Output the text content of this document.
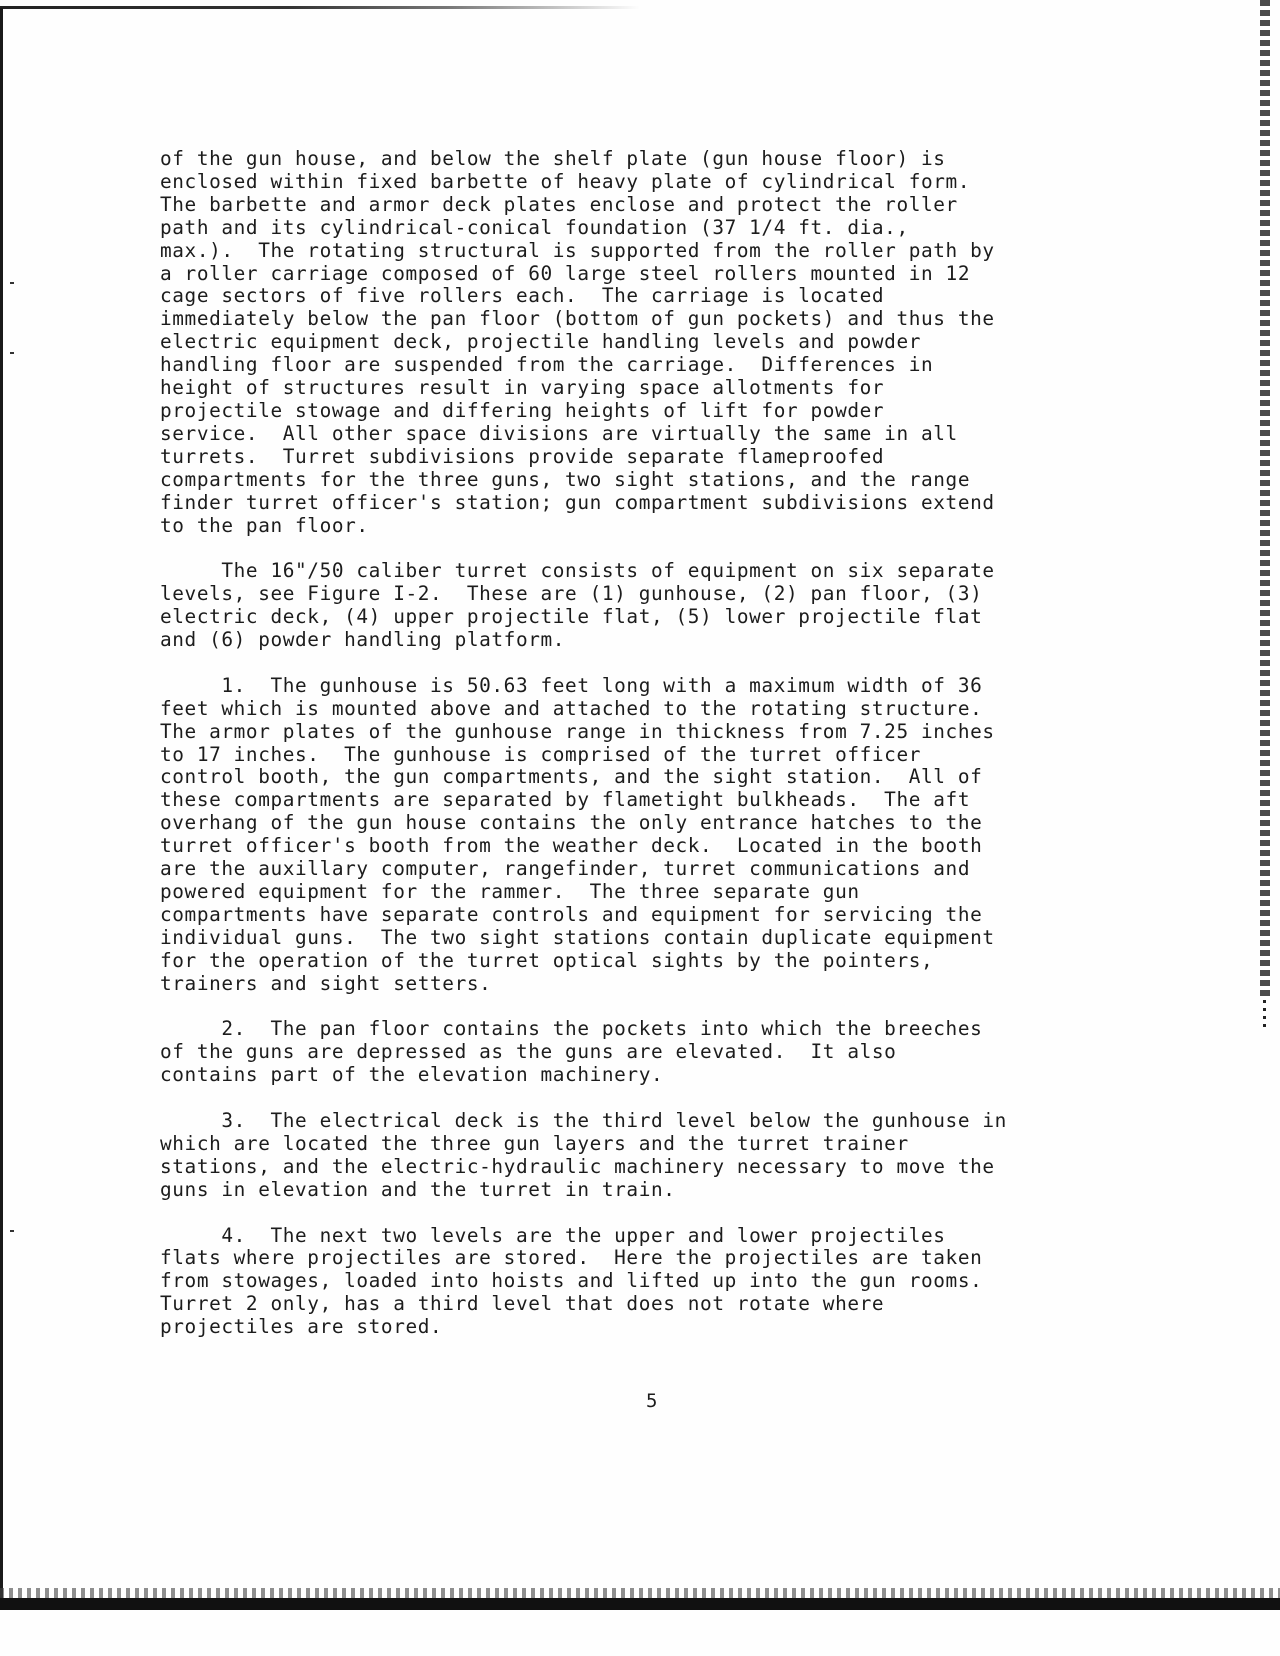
of the gun house, and below the shelf plate (gun house floor) is
enclosed within fixed barbette of heavy plate of cylindrical form.
The barbette and armor deck plates enclose and protect the roller
path and its cylindrical-conical foundation (37 1/4 ft. dia.,
max.).  The rotating structural is supported from the roller path by
a roller carriage composed of 60 large steel rollers mounted in 12
cage sectors of five rollers each.  The carriage is located
immediately below the pan floor (bottom of gun pockets) and thus the
electric equipment deck, projectile handling levels and powder
handling floor are suspended from the carriage.  Differences in
height of structures result in varying space allotments for
projectile stowage and differing heights of lift for powder
service.  All other space divisions are virtually the same in all
turrets.  Turret subdivisions provide separate flameproofed
compartments for the three guns, two sight stations, and the range
finder turret officer's station; gun compartment subdivisions extend
to the pan floor.

The 16"/50 caliber turret consists of equipment on six separate
levels, see Figure I-2.  These are (1) gunhouse, (2) pan floor, (3)
electric deck, (4) upper projectile flat, (5) lower projectile flat
and (6) powder handling platform.

1.  The gunhouse is 50.63 feet long with a maximum width of 36
feet which is mounted above and attached to the rotating structure.
The armor plates of the gunhouse range in thickness from 7.25 inches
to 17 inches.  The gunhouse is comprised of the turret officer
control booth, the gun compartments, and the sight station.  All of
these compartments are separated by flametight bulkheads.  The aft
overhang of the gun house contains the only entrance hatches to the
turret officer's booth from the weather deck.  Located in the booth
are the auxillary computer, rangefinder, turret communications and
powered equipment for the rammer.  The three separate gun
compartments have separate controls and equipment for servicing the
individual guns.  The two sight stations contain duplicate equipment
for the operation of the turret optical sights by the pointers,
trainers and sight setters.

2.  The pan floor contains the pockets into which the breeches
of the guns are depressed as the guns are elevated.  It also
contains part of the elevation machinery.

3.  The electrical deck is the third level below the gunhouse in
which are located the three gun layers and the turret trainer
stations, and the electric-hydraulic machinery necessary to move the
guns in elevation and the turret in train.

4.  The next two levels are the upper and lower projectiles
flats where projectiles are stored.  Here the projectiles are taken
from stowages, loaded into hoists and lifted up into the gun rooms.
Turret 2 only, has a third level that does not rotate where
projectiles are stored.

5
